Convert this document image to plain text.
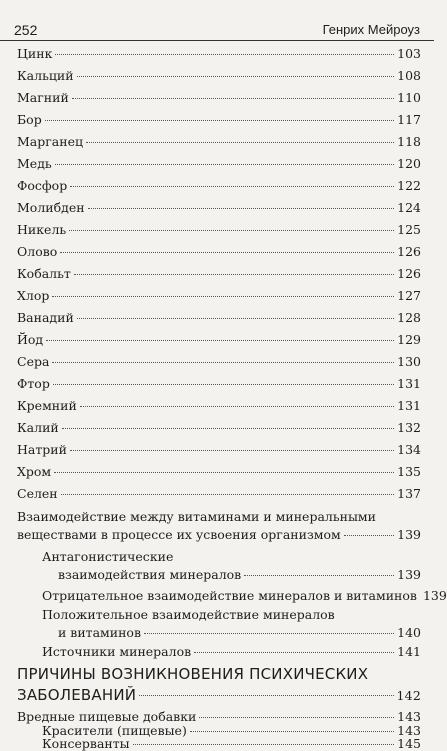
252	Генрих Мейроуз
Цинк	103
Кальций	108
Магний	110
Бор	117
Марганец	118
Медь	120
Фосфор	122
Молибден	124
Никель	125
Олово	126
Кобальт	126
Хлор	127
Ванадий	128
Йод	129
Сера	130
Фтор	131
Кремний	131
Калий	132
Натрий	134
Хром	135
Селен	137
Взаимодействие между витаминами и минеральными
веществами в процессе их усвоения организмом	139
Антагонистические
взаимодействия минералов	139
Отрицательное взаимодействие минералов и витаминов 139
Положительное взаимодействие минералов
и витаминов	140
Источники минералов	141
ПРИЧИНЫ ВОЗНИКНОВЕНИЯ ПСИХИЧЕСКИХ
ЗАБОЛЕВАНИЙ	142
Вредные пищевые добавки	143
Красители (пищевые)	143
Консерванты	145
